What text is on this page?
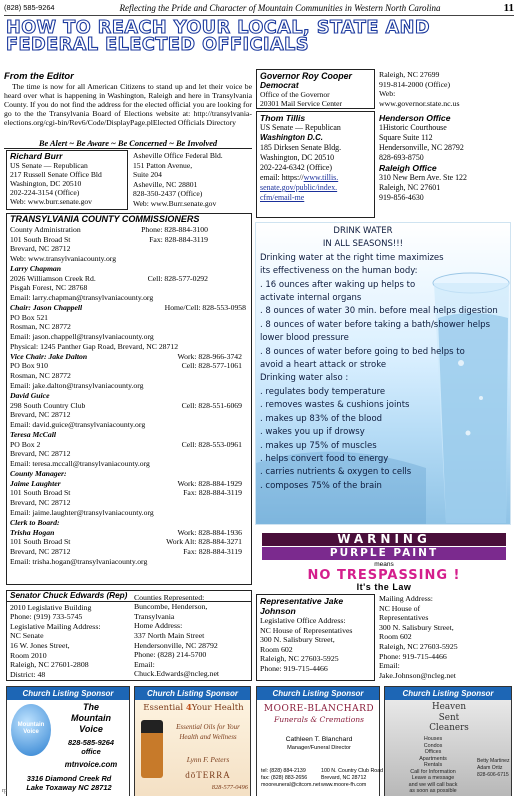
(828) 585-9264	Reflecting the Pride and Character of Mountain Communities in Western North Carolina	11
HOW TO REACH YOUR LOCAL, STATE AND
FEDERAL ELECTED OFFICIALS
From the Editor
The time is now for all American Citizens to stand up and let their voice be heard over what is happening in Washington, Raleigh and here in Transylvania County. If you do not find the address for the elected official you are looking for go to the the Transylvania Board of Elections website at: http://transylvania-elections.org/cgi-bin/Rev6/Code/DisplayPage.plElected Officials Directory
Be Alert ~ Be Aware ~ Be Concerned ~ Be Involved
Governor Roy Cooper
Democrat
Office of the Governor
20301 Mail Service Center
Raleigh, NC 27699
919-814-2000 (Office)
Web:
www.governor.state.nc.us
Richard Burr
US Senate — Republican
217 Russell Senate Office Bld
Washington, DC 20510
202-224-3154 (Office)
Web: www.burr.senate.gov
Asheville Office Federal Bld.
151 Patton Avenue,
Suite 204
Asheville, NC 28801
828-350-2437 (Office)
Web: www.Burr.senate.gov
Thom Tillis
US Senate — Republican
Washington D.C.
185 Dirksen Senate Bldg.
Washington, DC 20510
202-224-6342 (Office)
email: https://www.tillis.
senate.gov/public/index.
cfm/email-me
Henderson Office
1Historic Courthouse
Square Suite 112
Hendersonville, NC 28792
828-693-8750
Raleigh Office
310 New Bern Ave. Ste 122
Raleigh, NC 27601
919-856-4630
TRANSYLVANIA COUNTY COMMISSIONERS
County Administration	Phone: 828-884-3100
101 South Broad St	Fax: 828-884-3119
Brevard, NC 28712
Web: www.transylvaniacounty.org
Larry Chapman
2026 Williamson Creek Rd.	Cell: 828-577-0292
Pisgah Forest, NC 28768
Email: larry.chapman@transylvaniacounty.org
Chair: Jason Chappell	Home/Cell: 828-553-0958
PO Box 521
Rosman, NC 28772
Email: jason.chappell@transylvaniacounty.org
Physical: 1245 Panther Gap Road, Brevard, NC 28712
Vice Chair: Jake Dalton	Work: 828-966-3742
PO Box 910	Cell: 828-577-1061
Rosman, NC 28772
Email: jake.dalton@transylvaniacounty.org
David Guice
298 South Country Club	Cell: 828-551-6069
Brevard, NC 28712
Email: david.guice@transylvaniacounty.org
Teresa McCall
PO Box 2	Cell: 828-553-0961
Brevard, NC 28712
Email: teresa.mccall@transylvaniacounty.org
County Manager:
Jaime Laughter	Work: 828-884-1929
101 South Broad St	Fax: 828-884-3119
Brevard, NC 28712
Email: jaime.laughter@transylvaniacounty.org
Clerk to Board:
Trisha Hogan	Work: 828-884-1936
101 South Broad St	Work Alt: 828-884-3271
Brevard, NC 28712	Fax: 828-884-3119
Email: trisha.hogan@transylvaniacounty.org
DRINK WATER
IN ALL SEASONS!!!
Drinking water at the right time maximizes
its effectiveness on the human body:
. 16 ounces after waking up helps to
activate internal organs
. 8 ounces of water 30 min. before meal helps digestion
. 8 ounces of water before taking a bath/shower helps
lower blood pressure
. 8 ounces of water before going to bed helps to
avoid a heart attack or stroke
Drinking water also :
. regulates body temperature
. removes wastes & cushions joints
. makes up 83% of the blood
. wakes you up if drowsy
. makes up 75% of muscles
. helps convert food to energy
. carries nutrients & oxygen to cells
. composes 75% of the brain
WARNING
PURPLE PAINT
means
NO TRESPASSING !
It's the Law
Senator Chuck Edwards (Rep)
2010 Legislative Building
Phone: (919) 733-5745
Legislative Mailing Address:
NC Senate
16 W. Jones Street,
Room 2010
Raleigh, NC 27601-2808
District: 48
Counties Represented:
Buncombe, Henderson,
Transylvania
Home Address:
337 North Main Street
Hendersonville, NC 28792
Phone: (828) 214-5700
Email:
Chuck.Edwards@ncleg.net
Representative Jake
Johnson
Legislative Office Address:
NC House of Representatives
300 N. Salisbury Street,
Room 602
Raleigh, NC 27603-5925
Phone: 919-715-4466
Mailing Address:
NC House of
Representatives
300 N. Salisbury Street,
Room 602
Raleigh, NC 27603-5925
Phone: 919-715-4466
Email:
Jake.Johnson@ncleg.net
Church Listing Sponsor
Mountain
Voice
The
Mountain
Voice
828-585-9264
office
mtnvoice.com
3316 Diamond Creek Rd
Lake Toxaway NC 28712
Church Listing Sponsor
Essential 4Your Health
Essential Oils for Your
Health and Wellness
Lynn F. Peters
dōTERRA
828-577-0496
Church Listing Sponsor
MOORE-BLANCHARD
Funerals & Cremations
Cathleen T. Blanchard
Manager/Funeral Director
tel: (828) 884-2139
fax: (828) 883-2656
mooreuneral@citcom.net
100 N. Country Club Road
Brevard, NC 28712
www.moore-fh.com
Church Listing Sponsor
Heaven
Sent
Cleaners
Houses
Condos
Offices
Apartments
Rentals
Call for Information
Leave a message
and we will call back
as soon as possible
Betty Martinez
Adam Ortiz
828-606-6715
rp
